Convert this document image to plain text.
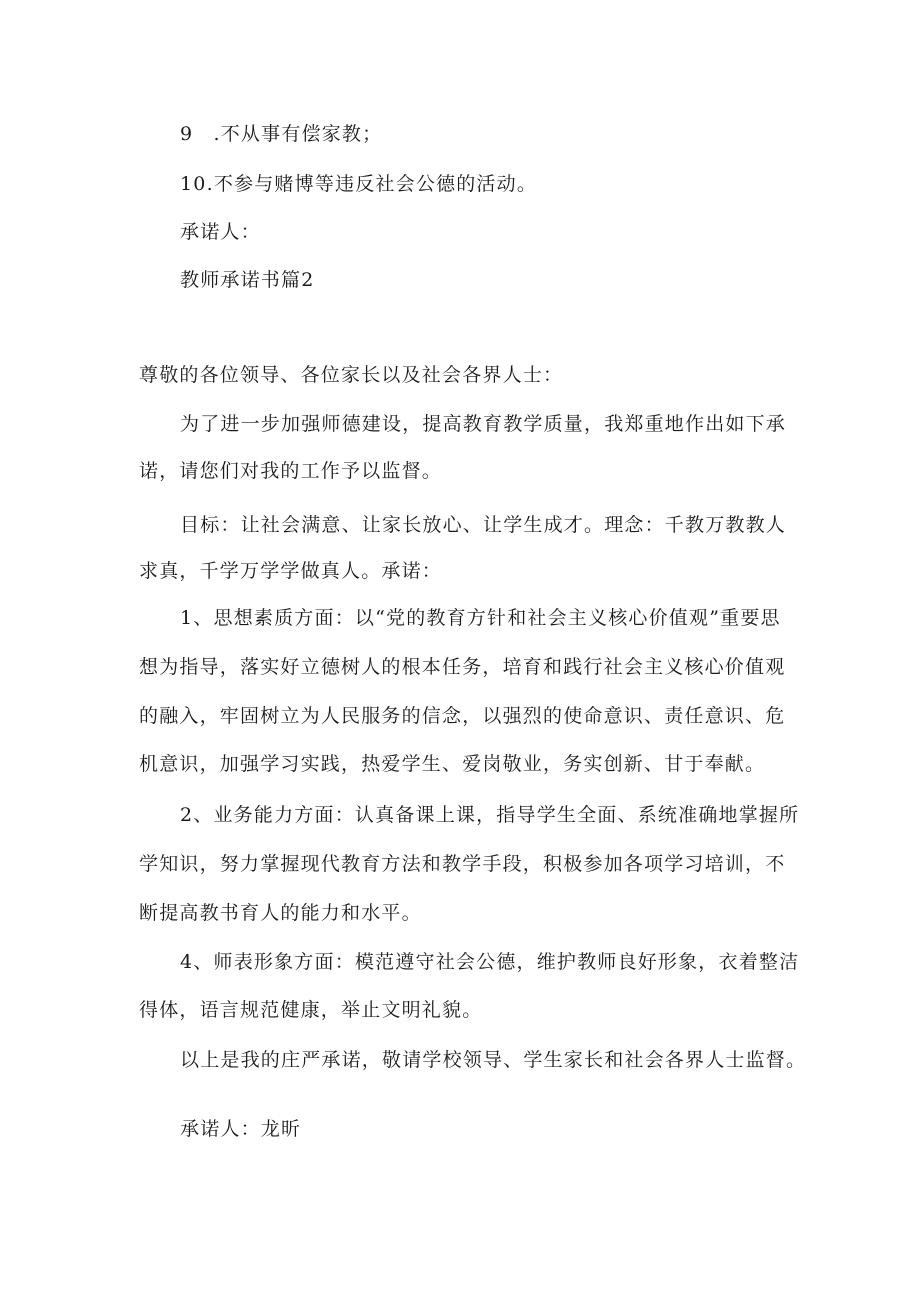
9　.不从事有偿家教；
10.不参与赌博等违反社会公德的活动。
承诺人：
教师承诺书篇2
尊敬的各位领导、各位家长以及社会各界人士：
为了进一步加强师德建设，提高教育教学质量，我郑重地作出如下承
诺，请您们对我的工作予以监督。
目标：让社会满意、让家长放心、让学生成才。理念：千教万教教人
求真，千学万学学做真人。承诺：
1、思想素质方面：以“党的教育方针和社会主义核心价值观”重要思
想为指导，落实好立德树人的根本任务，培育和践行社会主义核心价值观
的融入，牢固树立为人民服务的信念，以强烈的使命意识、责任意识、危
机意识，加强学习实践，热爱学生、爱岗敬业，务实创新、甘于奉献。
2、业务能力方面：认真备课上课，指导学生全面、系统准确地掌握所
学知识，努力掌握现代教育方法和教学手段，积极参加各项学习培训，不
断提高教书育人的能力和水平。
4、师表形象方面：模范遵守社会公德，维护教师良好形象，衣着整洁
得体，语言规范健康，举止文明礼貌。
以上是我的庄严承诺，敬请学校领导、学生家长和社会各界人士监督。
承诺人：龙昕
